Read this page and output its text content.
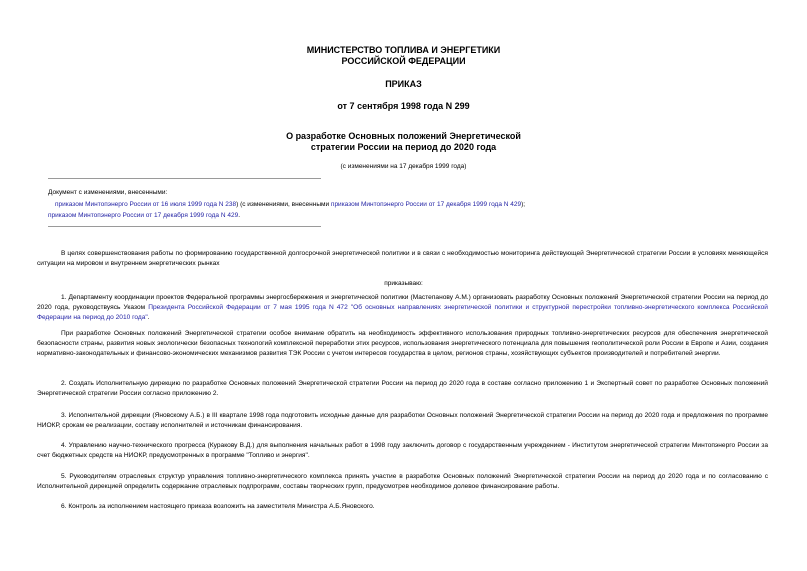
МИНИСТЕРСТВО ТОПЛИВА И ЭНЕРГЕТИКИ
РОССИЙСКОЙ ФЕДЕРАЦИИ
ПРИКАЗ
от 7 сентября 1998 года N 299
О разработке Основных положений Энергетической
стратегии России на период до 2020 года
(с изменениями на 17 декабря 1999 года)
Документ с изменениями, внесенными:
приказом Минтопэнерго России от 16 июля 1999 года N 238) (с изменениями, внесенными приказом Минтопэнерго России от 17 декабря 1999 года N 429);
приказом Минтопэнерго России от 17 декабря 1999 года N 429.
В целях совершенствования работы по формированию государственной долгосрочной энергетической политики и в связи с необходимостью мониторинга действующей Энергетической стратегии России в условиях меняющейся ситуации на мировом и внутреннем энергетических рынках
приказываю:
1. Департаменту координации проектов Федеральной программы энергосбережения и энергетической политики (Мастепанову А.М.) организовать разработку Основных положений Энергетической стратегии России на период до 2020 года, руководствуясь Указом Президента Российской Федерации от 7 мая 1995 года N 472 "Об основных направлениях энергетической политики и структурной перестройки топливно-энергетического комплекса Российской Федерации на период до 2010 года".
При разработке Основных положений Энергетической стратегии особое внимание обратить на необходимость эффективного использования природных топливно-энергетических ресурсов для обеспечения энергетической безопасности страны, развития новых экологически безопасных технологий комплексной переработки этих ресурсов, использования энергетического потенциала для повышения геополитической роли России в Европе и Азии, создания нормативно-законодательных и финансово-экономических механизмов развития ТЭК России с учетом интересов государства в целом, регионов страны, хозяйствующих субъектов производителей и потребителей энергии.
2. Создать Исполнительную дирекцию по разработке Основных положений Энергетической стратегии России на период до 2020 года в составе согласно приложению 1 и Экспертный совет по разработке Основных положений Энергетической стратегии России согласно приложению 2.
3. Исполнительной дирекции (Яновскому А.Б.) в III квартале 1998 года подготовить исходные данные для разработки Основных положений Энергетической стратегии России на период до 2020 года и предложения по программе НИОКР, срокам ее реализации, составу исполнителей и источникам финансирования.
4. Управлению научно-технического прогресса (Куракову В.Д.) для выполнения начальных работ в 1998 году заключить договор с государственным учреждением - Институтом энергетической стратегии Минтопэнерго России за счет бюджетных средств на НИОКР, предусмотренных в программе "Топливо и энергия".
5. Руководителям отраслевых структур управления топливно-энергетического комплекса принять участие в разработке Основных положений Энергетической стратегии России на период до 2020 года и по согласованию с Исполнительной дирекцией определить содержание отраслевых подпрограмм, составы творческих групп, предусмотрев необходимое долевое финансирование работы.
6. Контроль за исполнением настоящего приказа возложить на заместителя Министра А.Б.Яновского.
